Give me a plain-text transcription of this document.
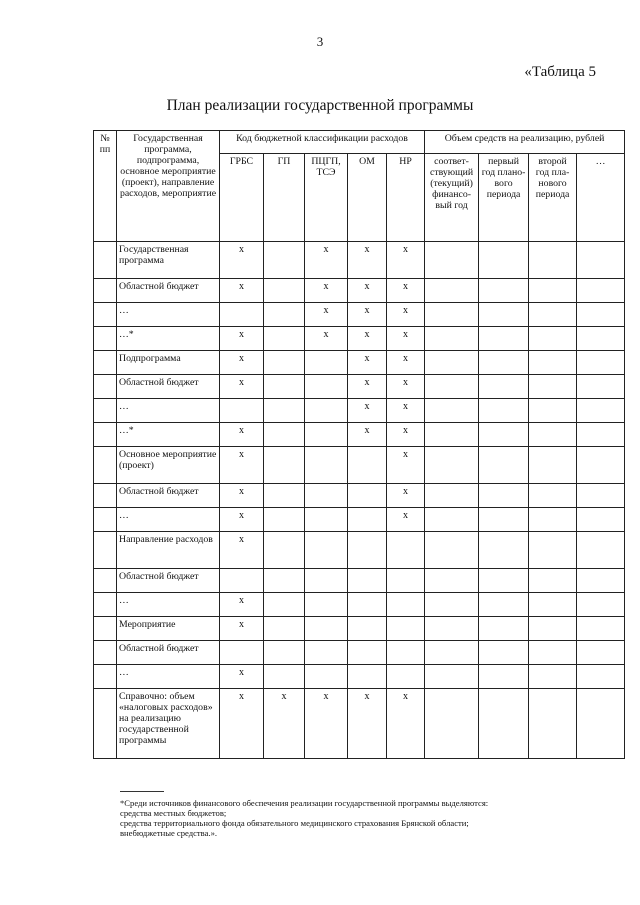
3
«Таблица 5
План реализации государственной программы
№ пп	Государственная программа, подпрограмма, основное мероприятие (проект), направление расходов, мероприятие	Код бюджетной классификации расходов					Объем средств на реализацию, рублей			
		ГРБС	ГП	ПЦГП, ТСЭ	ОМ	НР	соответ-ствующий (текущий) финансо-вый год	первый год плано-вого периода	второй год пла-нового периода	…
	Государственная программа	х		х	х	х				
	Областной бюджет	х		х	х	х				
	…			х	х	х				
	…*	х		х	х	х				
	Подпрограмма	х			х	х				
	Областной бюджет	х			х	х				
	…				х	х				
	…*	х			х	х				
	Основное мероприятие (проект)	х				х				
	Областной бюджет	х				х				
	…	х				х				
	Направление расходов	х								
	Областной бюджет									
	…	х								
	Мероприятие	х								
	Областной бюджет									
	…	х								
	Справочно: объем «налоговых расходов» на реализацию государственной программы	х	х	х	х	х				
*Среди источников финансового обеспечения реализации государственной программы выделяются:
средства местных бюджетов;
средства территориального фонда обязательного медицинского страхования Брянской области;
внебюджетные средства.».
